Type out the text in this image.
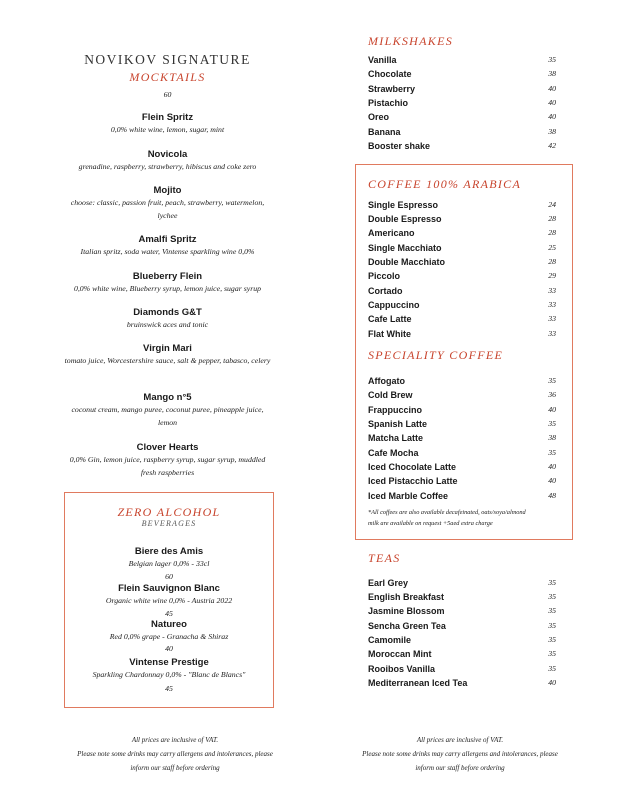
NOVIKOV SIGNATURE
MOCKTAILS
60
Flein Spritz
0,0% white wine, lemon, sugar, mint
Novicola
grenadine, raspberry, strawberry, hibiscus and coke zero
Mojito
choose: classic, passion fruit, peach, strawberry, watermelon, lychee
Amalfi Spritz
Italian spritz, soda water, Vintense sparkling wine 0,0%
Blueberry Flein
0,0% white wine, Blueberry syrup, lemon juice, sugar syrup
Diamonds G&T
bruinswick aces and tonic
Virgin Mari
tomato juice, Worcestershire sauce, salt & pepper, tabasco, celery
Mango n°5
coconut cream, mango puree, coconut puree, pineapple juice, lemon
Clover Hearts
0,0% Gin, lemon juice, raspberry syrup, sugar syrup, muddled fresh raspberries
ZERO ALCOHOL
BEVERAGES
Biere des Amis
Belgian lager 0,0% - 33cl
60
Flein Sauvignon Blanc
Organic white wine 0,0% - Austria 2022
45
Natureo
Red 0,0% grape - Granacha & Shiraz
40
Vintense Prestige
Sparkling Chardonnay 0,0% - "Blanc de Blancs"
45
MILKSHAKES
Vanilla	35
Chocolate	38
Strawberry	40
Pistachio	40
Oreo	40
Banana	38
Booster shake	42
COFFEE 100% ARABICA
Single Espresso	24
Double Espresso	28
Americano	28
Single Macchiato	25
Double Macchiato	28
Piccolo	29
Cortado	33
Cappuccino	33
Cafe Latte	33
Flat White	33
SPECIALITY COFFEE
Affogato	35
Cold Brew	36
Frappuccino	40
Spanish Latte	35
Matcha Latte	38
Cafe Mocha	35
Iced Chocolate Latte	40
Iced Pistacchio Latte	40
Iced Marble Coffee	48
*All coffees are also available decafeinated, oats/soya/almond
milk are available on request +5aed extra charge
TEAS
Earl Grey	35
English Breakfast	35
Jasmine Blossom	35
Sencha Green Tea	35
Camomile	35
Moroccan Mint	35
Rooibos Vanilla	35
Mediterranean Iced Tea	40
All prices are inclusive of VAT.
Please note some drinks may carry allergens and intolerances, please
inform our staff before ordering
All prices are inclusive of VAT.
Please note some drinks may carry allergens and intolerances, please
inform our staff before ordering
